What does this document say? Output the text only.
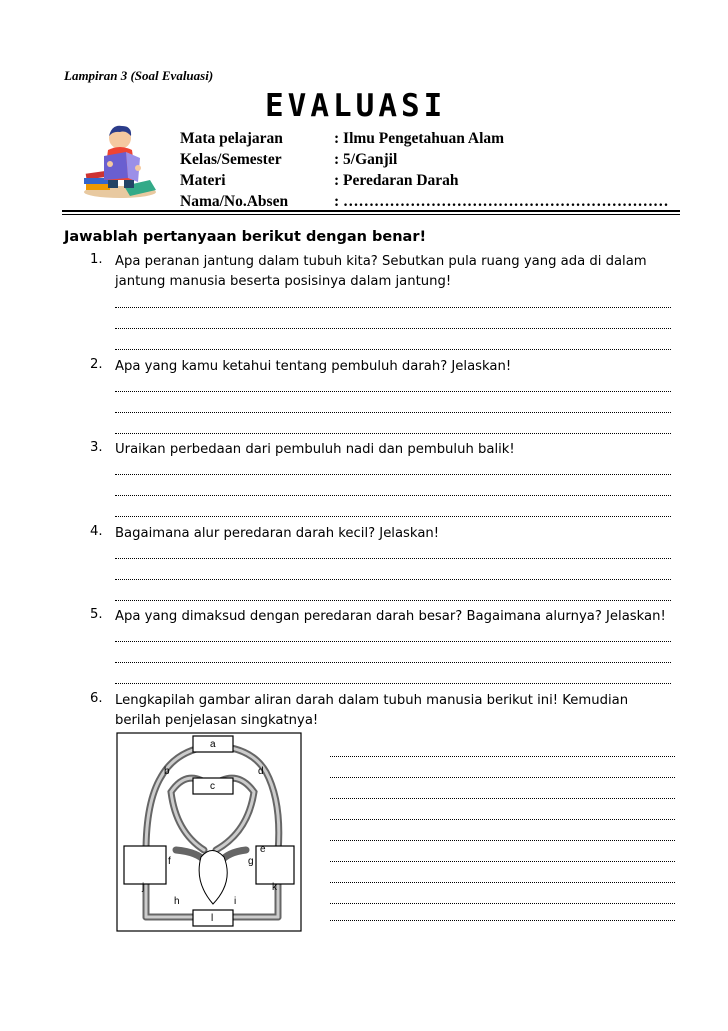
Lampiran 3 (Soal Evaluasi)
EVALUASI
Mata pelajaran	: Ilmu Pengetahuan Alam
Kelas/Semester	: 5/Ganjil
Materi	: Peredaran Darah
Nama/No.Absen	: ………………………………………………………
Jawablah pertanyaan berikut dengan benar!
1. Apa peranan jantung dalam tubuh kita? Sebutkan pula ruang yang ada di dalam jantung manusia beserta posisinya dalam jantung!
2. Apa yang kamu ketahui tentang pembuluh darah? Jelaskan!
3. Uraikan perbedaan dari pembuluh nadi dan pembuluh balik!
4. Bagaimana alur peredaran darah kecil? Jelaskan!
5. Apa yang dimaksud dengan peredaran darah besar? Bagaimana alurnya? Jelaskan!
6. Lengkapilah gambar aliran darah dalam tubuh manusia berikut ini! Kemudian berilah penjelasan singkatnya!
a
b
c
d
e
f	g
h	i
j	k
l
